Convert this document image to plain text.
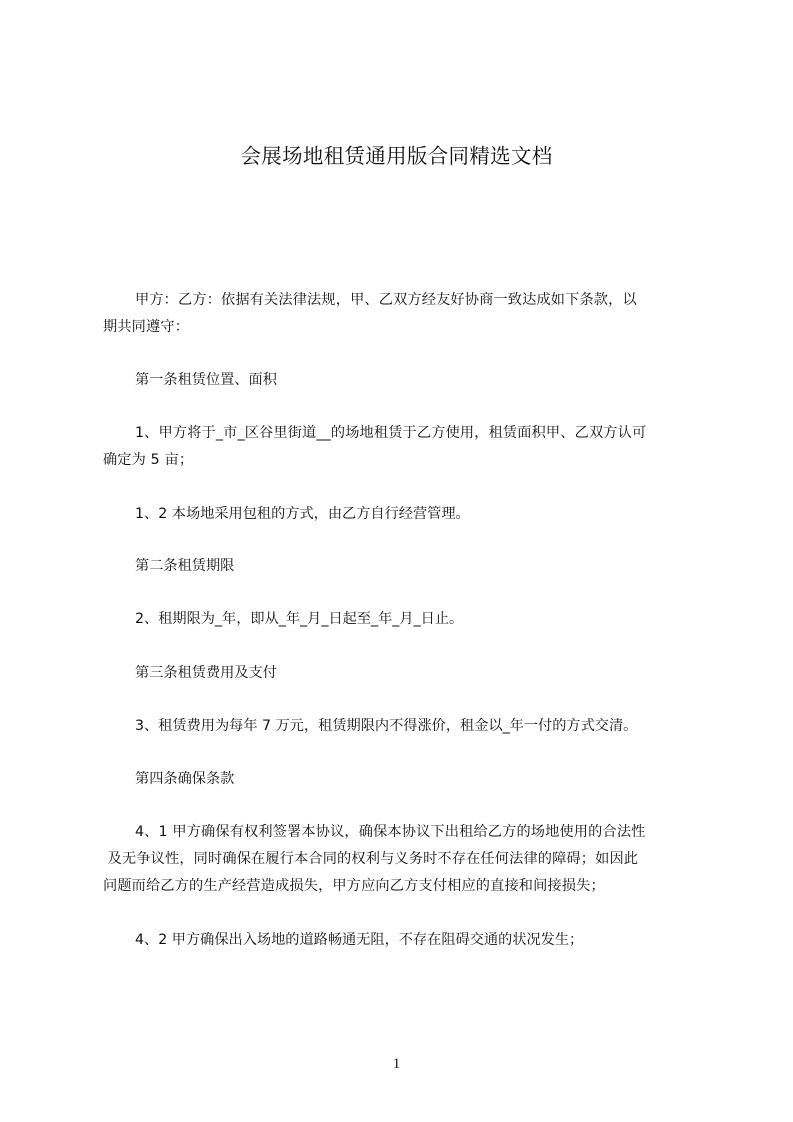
会展场地租赁通用版合同精选文档
甲方：乙方：依据有关法律法规，甲、乙双方经友好协商一致达成如下条款，以
期共同遵守：
第一条租赁位置、面积
1、甲方将于_市_区谷里街道__的场地租赁于乙方使用，租赁面积甲、乙双方认可
确定为 5 亩；
1、2 本场地采用包租的方式，由乙方自行经营管理。
第二条租赁期限
2、租期限为_年，即从_年_月_日起至_年_月_日止。
第三条租赁费用及支付
3、租赁费用为每年 7 万元，租赁期限内不得涨价，租金以_年一付的方式交清。
第四条确保条款
4、1 甲方确保有权利签署本协议，确保本协议下出租给乙方的场地使用的合法性
及无争议性，同时确保在履行本合同的权利与义务时不存在任何法律的障碍；如因此
问题而给乙方的生产经营造成损失，甲方应向乙方支付相应的直接和间接损失；
4、2 甲方确保出入场地的道路畅通无阻，不存在阻碍交通的状况发生；
1
